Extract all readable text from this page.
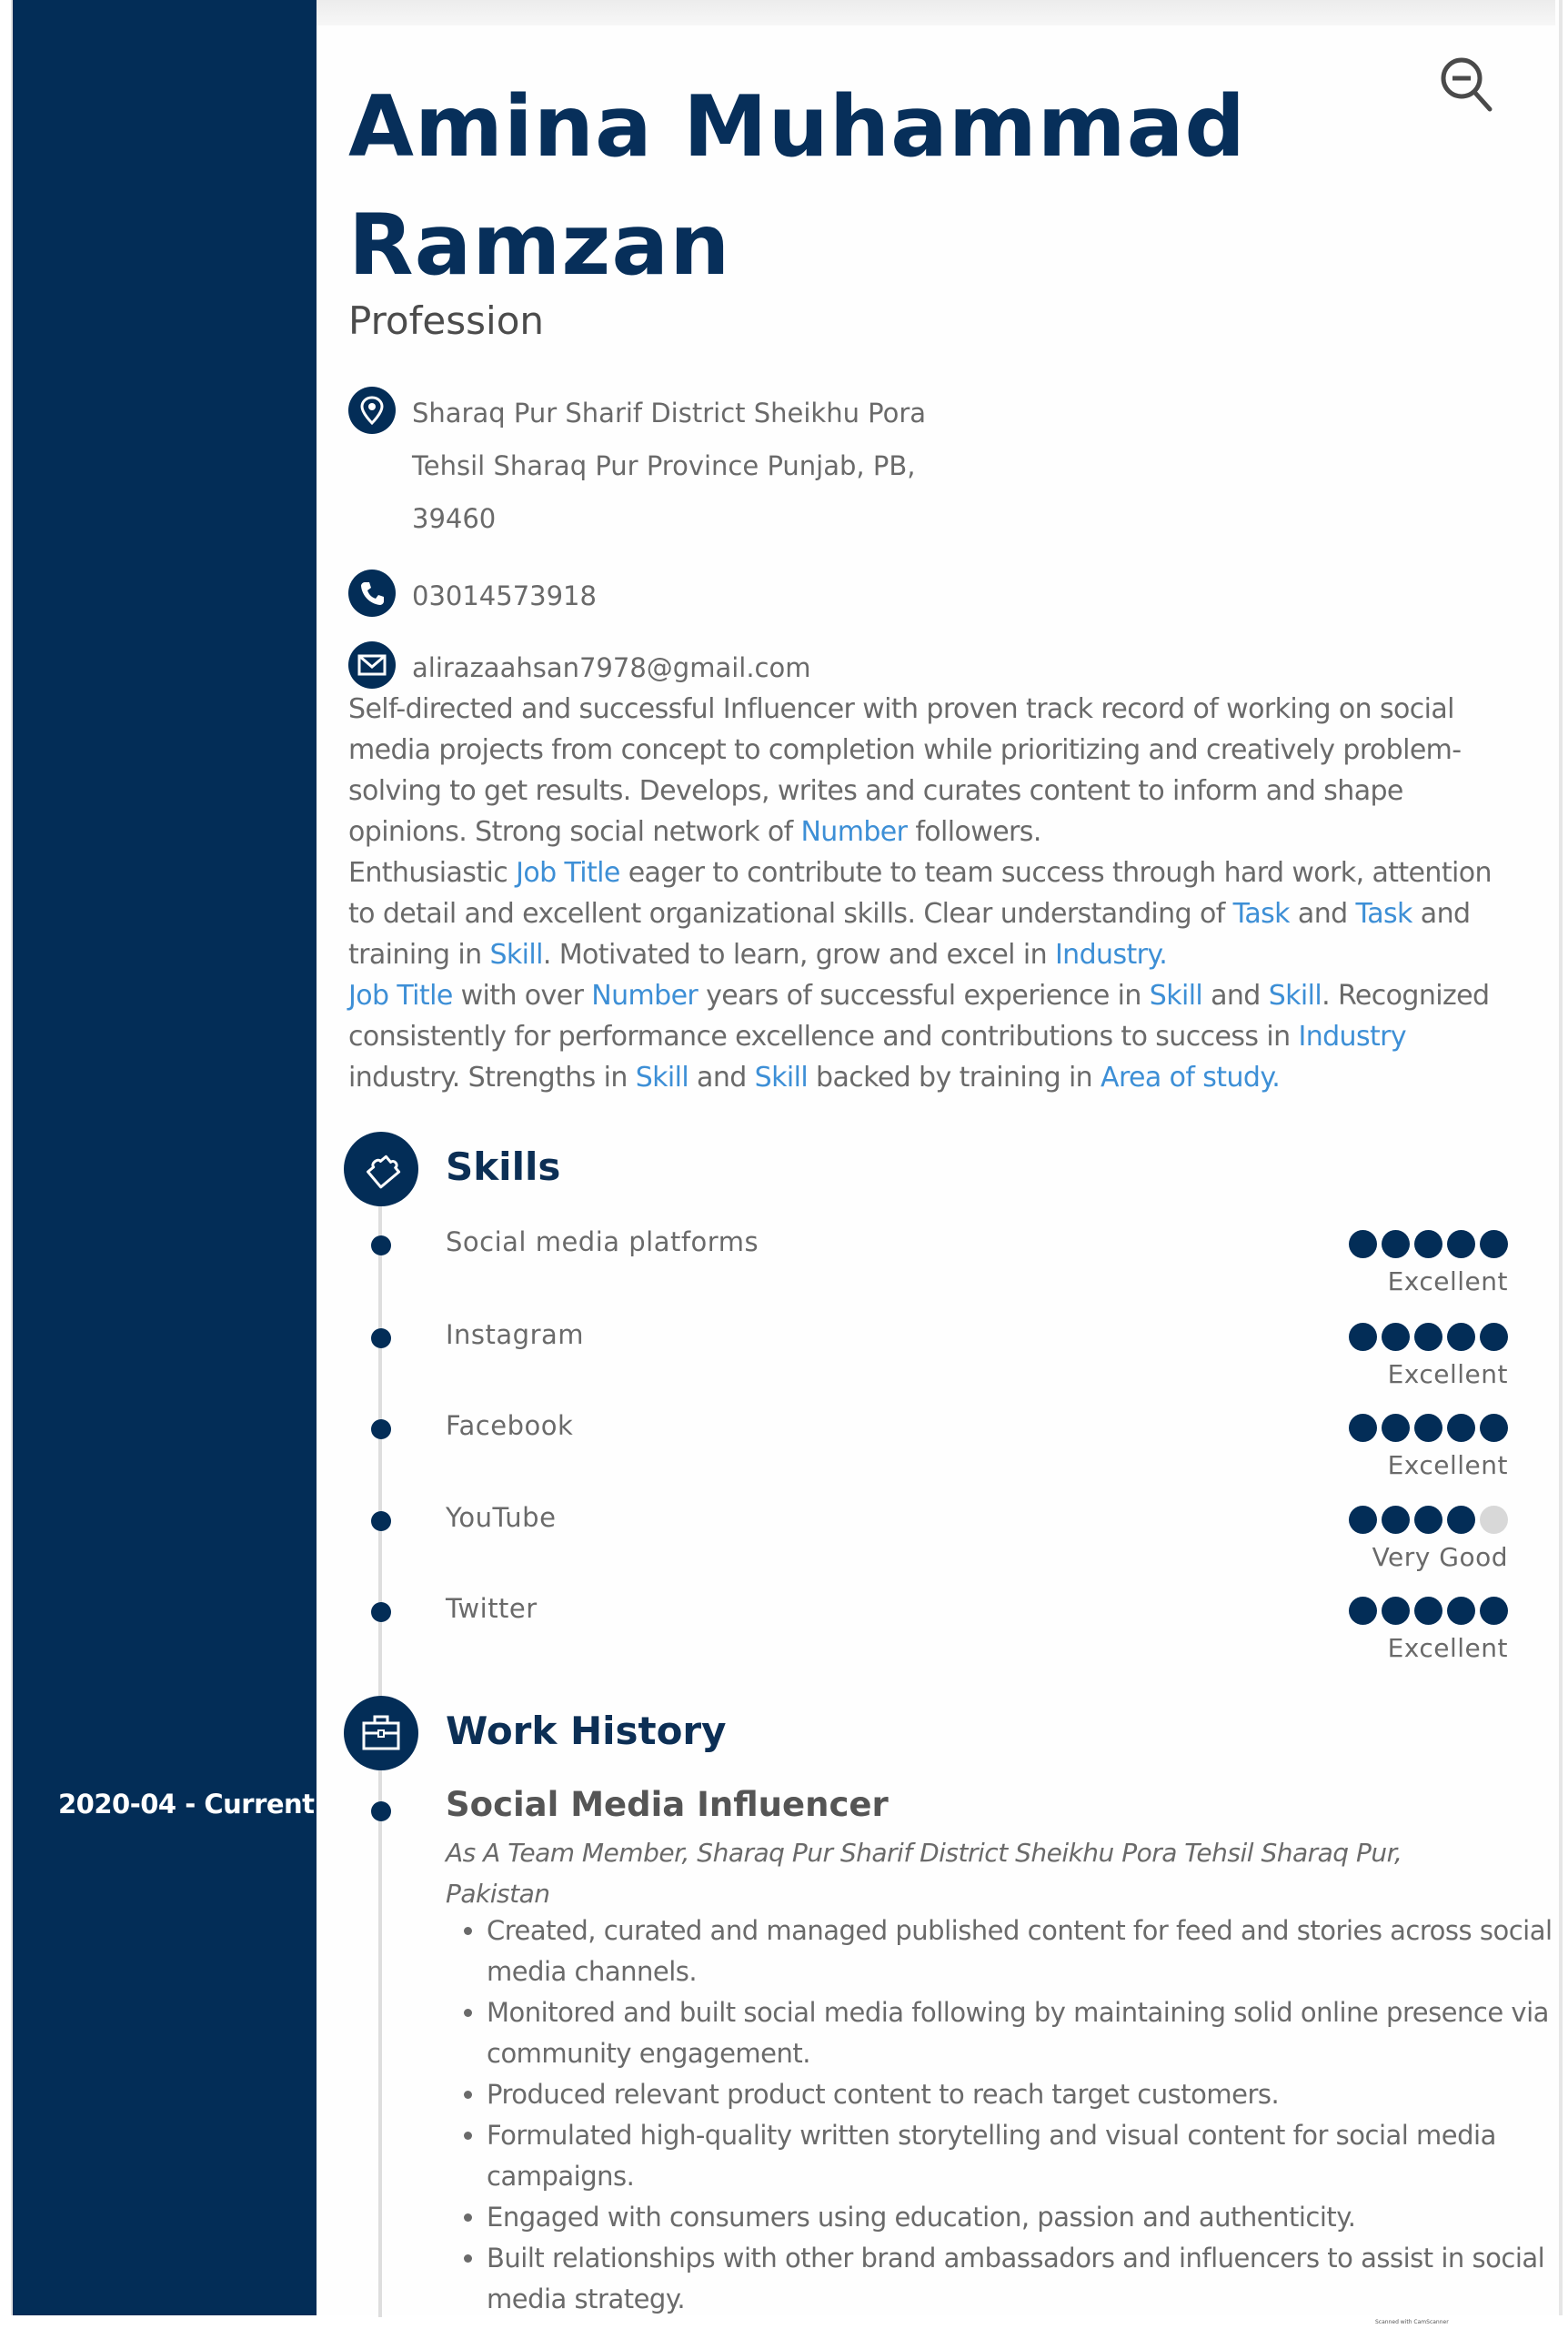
2020-04 - Current
Amina Muhammad
Ramzan
Profession
Sharaq Pur Sharif District Sheikhu Pora
Tehsil Sharaq Pur Province Punjab, PB,
39460
03014573918
alirazaahsan7978@gmail.com

Self-directed and successful Influencer with proven track record of working on social media projects from concept to completion while prioritizing and creatively problem-solving to get results. Develops, writes and curates content to inform and shape opinions. Strong social network of Number followers.

Enthusiastic Job Title eager to contribute to team success through hard work, attention to detail and excellent organizational skills. Clear understanding of Task and Task and training in Skill. Motivated to learn, grow and excel in Industry.

Job Title with over Number years of successful experience in Skill and Skill. Recognized consistently for performance excellence and contributions to success in Industry industry. Strengths in Skill and Skill backed by training in Area of study.

Skills
Social media platforms
Excellent
Instagram
Excellent
Facebook
Excellent
YouTube
Very Good
Twitter
Excellent
Work History
Social Media Influencer
As A Team Member, Sharaq Pur Sharif District Sheikhu Pora Tehsil Sharaq Pur, Pakistan
• Created, curated and managed published content for feed and stories across social media channels.
• Monitored and built social media following by maintaining solid online presence via community engagement.
• Produced relevant product content to reach target customers.
• Formulated high-quality written storytelling and visual content for social media campaigns.
• Engaged with consumers using education, passion and authenticity.
• Built relationships with other brand ambassadors and influencers to assist in social media strategy.
Scanned with CamScanner
